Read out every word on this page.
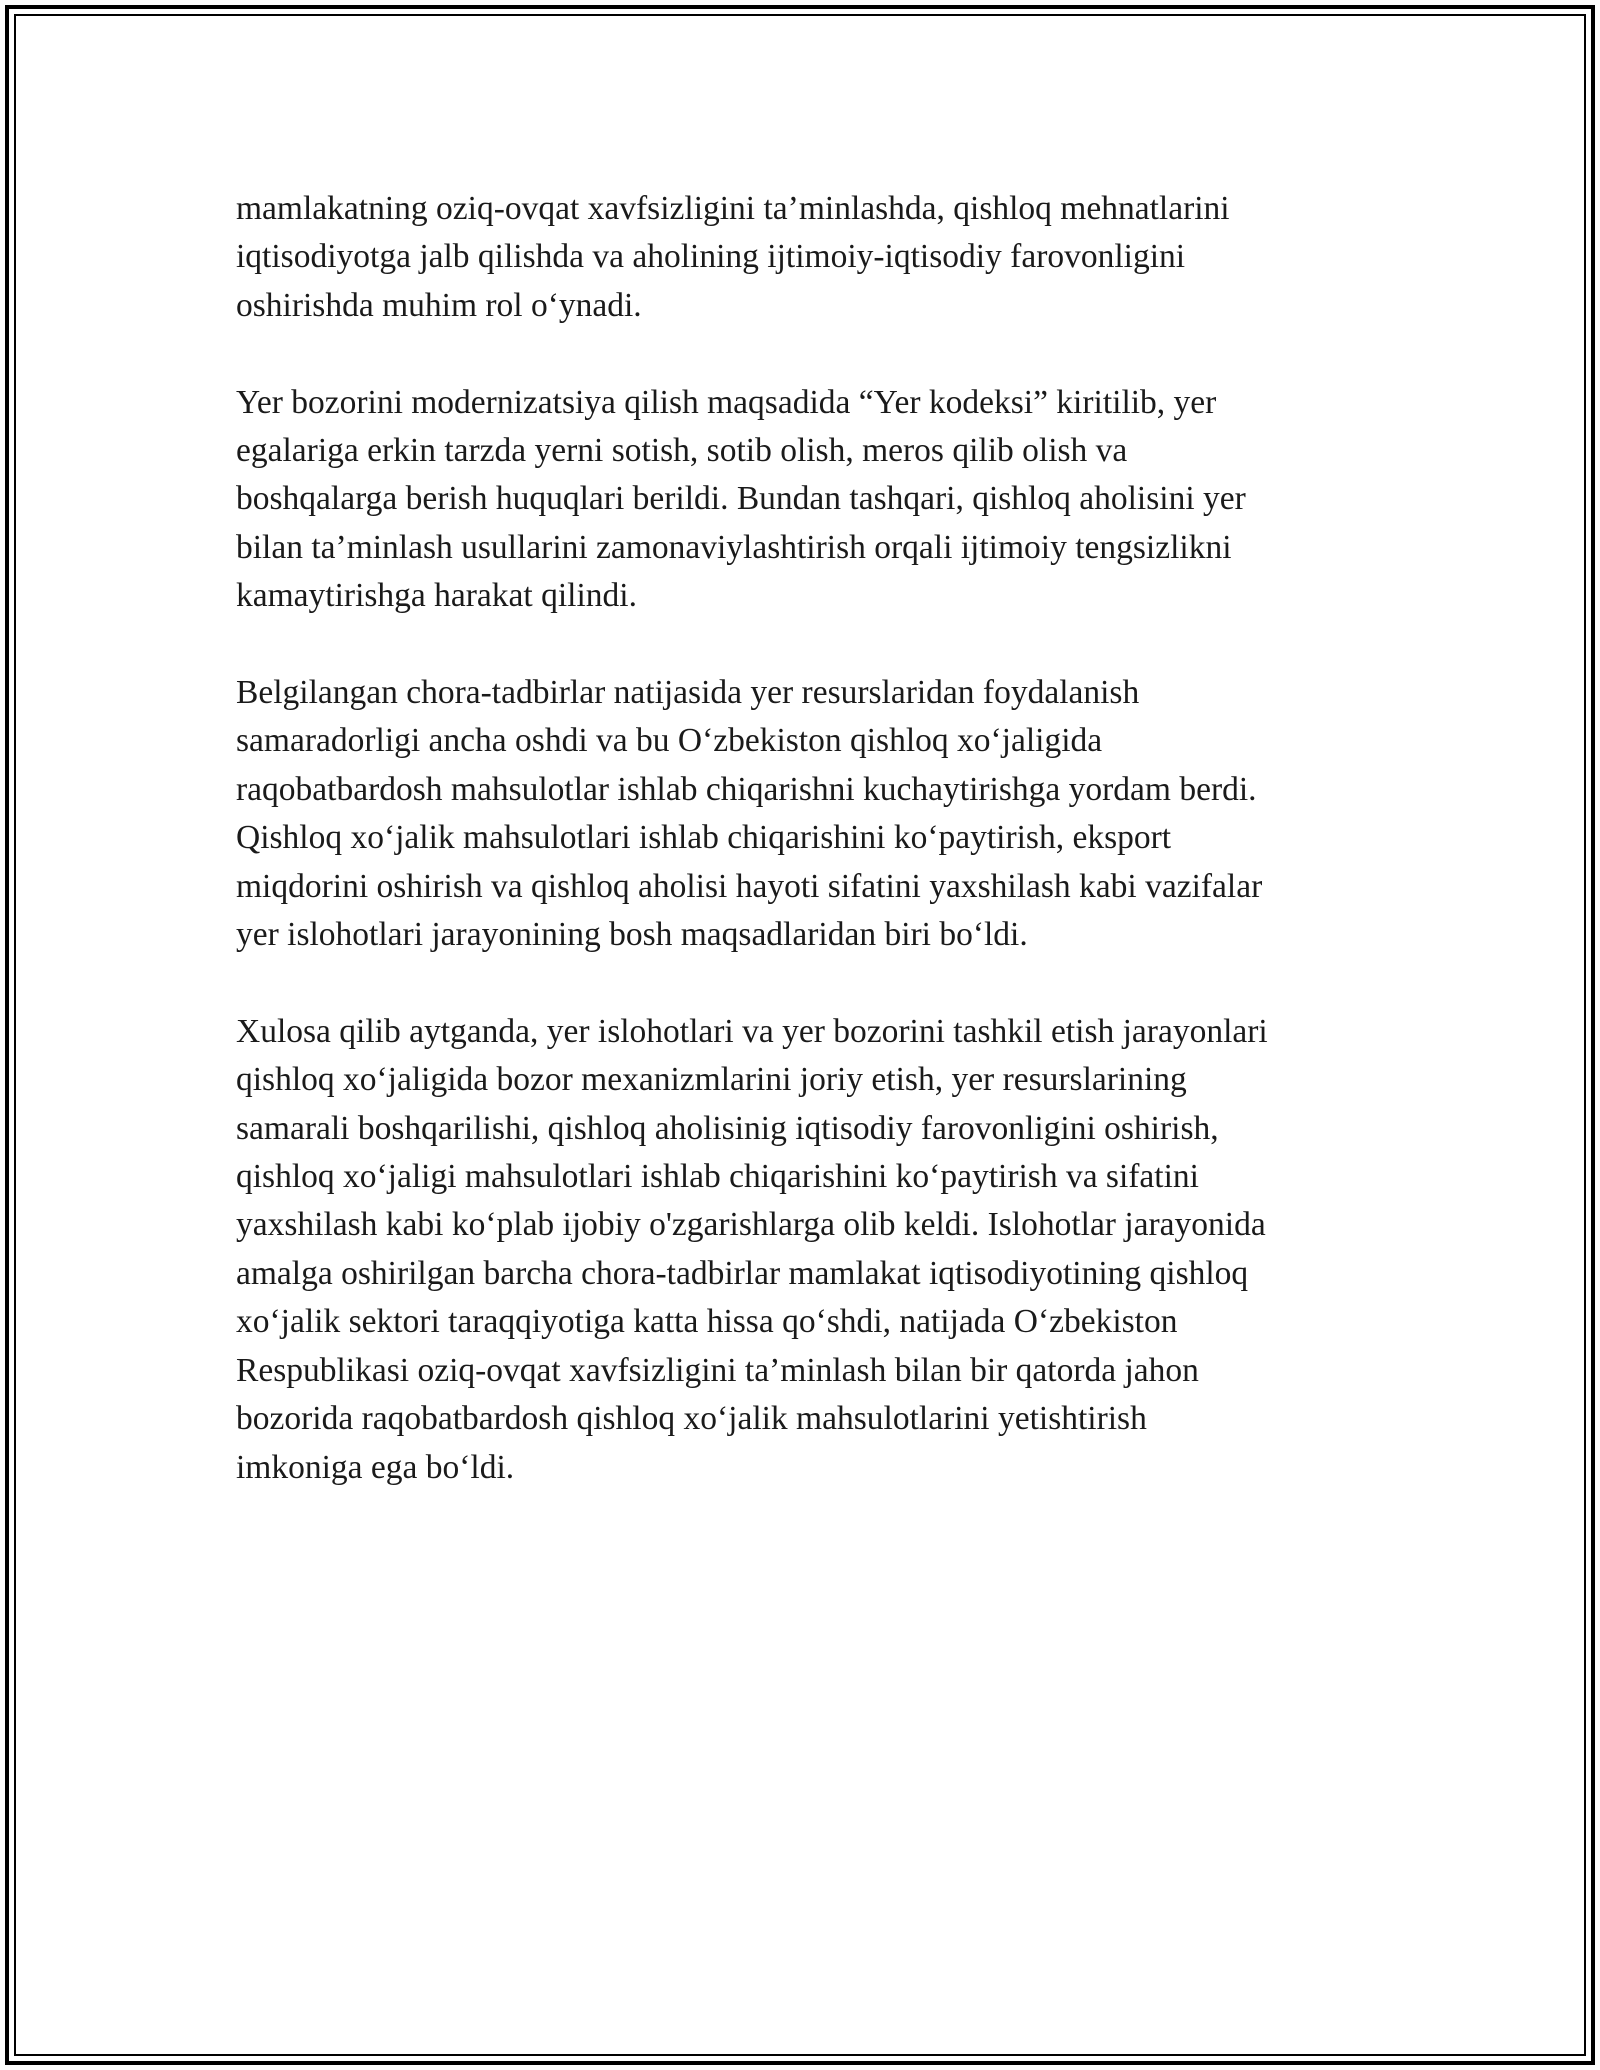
mamlakatning oziq-ovqat xavfsizligini ta’minlashda, qishloq mehnatlarini
iqtisodiyotga jalb qilishda va aholining ijtimoiy-iqtisodiy farovonligini
oshirishda muhim rol o‘ynadi.

Yer bozorini modernizatsiya qilish maqsadida “Yer kodeksi” kiritilib, yer
egalariga erkin tarzda yerni sotish, sotib olish, meros qilib olish va
boshqalarga berish huquqlari berildi. Bundan tashqari, qishloq aholisini yer
bilan ta’minlash usullarini zamonaviylashtirish orqali ijtimoiy tengsizlikni
kamaytirishga harakat qilindi.

Belgilangan chora-tadbirlar natijasida yer resurslaridan foydalanish
samaradorligi ancha oshdi va bu O‘zbekiston qishloq xo‘jaligida
raqobatbardosh mahsulotlar ishlab chiqarishni kuchaytirishga yordam berdi.
Qishloq xo‘jalik mahsulotlari ishlab chiqarishini ko‘paytirish, eksport
miqdorini oshirish va qishloq aholisi hayoti sifatini yaxshilash kabi vazifalar
yer islohotlari jarayonining bosh maqsadlaridan biri bo‘ldi.

Xulosa qilib aytganda, yer islohotlari va yer bozorini tashkil etish jarayonlari
qishloq xo‘jaligida bozor mexanizmlarini joriy etish, yer resurslarining
samarali boshqarilishi, qishloq aholisinig iqtisodiy farovonligini oshirish,
qishloq xo‘jaligi mahsulotlari ishlab chiqarishini ko‘paytirish va sifatini
yaxshilash kabi ko‘plab ijobiy o'zgarishlarga olib keldi. Islohotlar jarayonida
amalga oshirilgan barcha chora-tadbirlar mamlakat iqtisodiyotining qishloq
xo‘jalik sektori taraqqiyotiga katta hissa qo‘shdi, natijada O‘zbekiston
Respublikasi oziq-ovqat xavfsizligini ta’minlash bilan bir qatorda jahon
bozorida raqobatbardosh qishloq xo‘jalik mahsulotlarini yetishtirish
imkoniga ega bo‘ldi.
